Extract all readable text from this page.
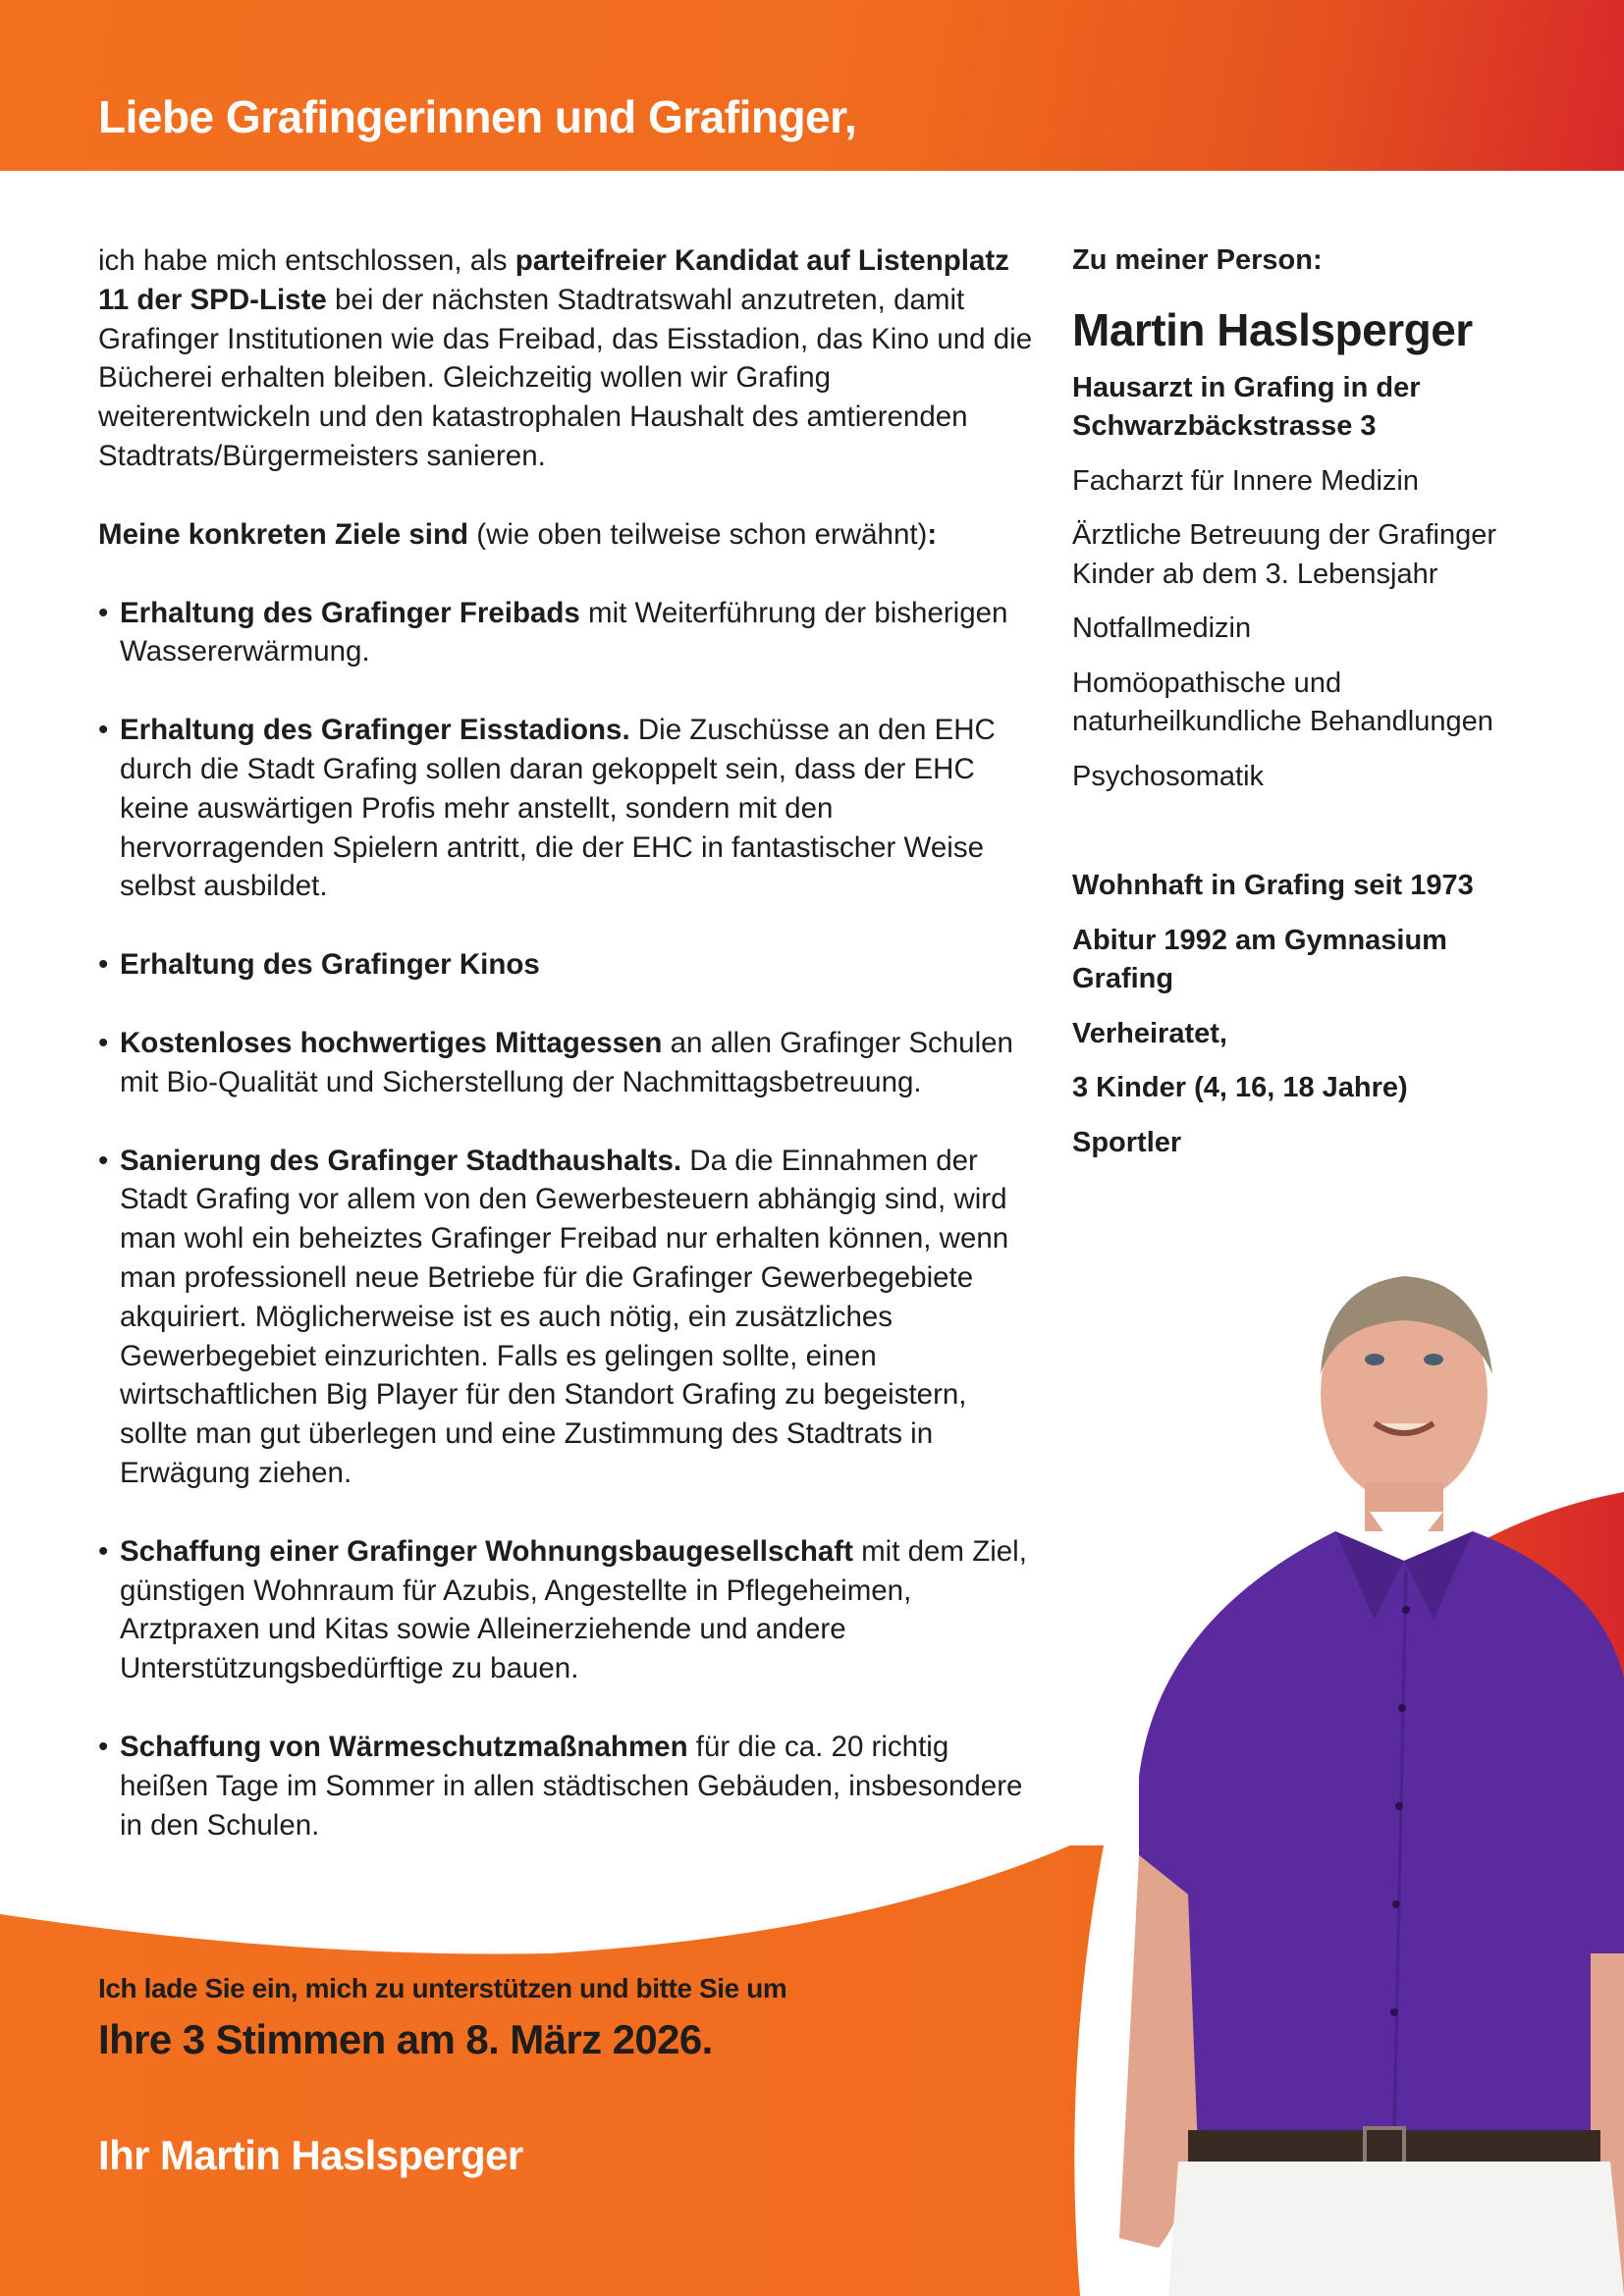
Liebe Grafingerinnen und Grafinger,

ich habe mich entschlossen, als parteifreier Kandidat auf Listenplatz 11 der SPD-Liste bei der nächsten Stadtratswahl anzutreten, damit Grafinger Institutionen wie das Freibad, das Eisstadion, das Kino und die Bücherei erhalten bleiben. Gleichzeitig wollen wir Grafing weiterentwickeln und den katastrophalen Haushalt des amtierenden Stadtrats/Bürgermeisters sanieren.

Meine konkreten Ziele sind (wie oben teilweise schon erwähnt):

• Erhaltung des Grafinger Freibads mit Weiterführung der bisherigen Wassererwärmung.
• Erhaltung des Grafinger Eisstadions. Die Zuschüsse an den EHC durch die Stadt Grafing sollen daran gekoppelt sein, dass der EHC keine auswärtigen Profis mehr anstellt, sondern mit den hervorragenden Spielern antritt, die der EHC in fantastischer Weise selbst ausbildet.
• Erhaltung des Grafinger Kinos
• Kostenloses hochwertiges Mittagessen an allen Grafinger Schulen mit Bio-Qualität und Sicherstellung der Nachmittagsbetreuung.
• Sanierung des Grafinger Stadthaushalts. Da die Einnahmen der Stadt Grafing vor allem von den Gewerbesteuern abhängig sind, wird man wohl ein beheiztes Grafinger Freibad nur erhalten können, wenn man professionell neue Betriebe für die Grafinger Gewerbegebiete akquiriert. Möglicherweise ist es auch nötig, ein zusätzliches Gewerbegebiet einzurichten. Falls es gelingen sollte, einen wirtschaftlichen Big Player für den Standort Grafing zu begeistern, sollte man gut überlegen und eine Zustimmung des Stadtrats in Erwägung ziehen.
• Schaffung einer Grafinger Wohnungsbaugesellschaft mit dem Ziel, günstigen Wohnraum für Azubis, Angestellte in Pflegeheimen, Arztpraxen und Kitas sowie Alleinerziehende und andere Unterstützungsbedürftige zu bauen.
• Schaffung von Wärmeschutzmaßnahmen für die ca. 20 richtig heißen Tage im Sommer in allen städtischen Gebäuden, insbesondere in den Schulen.

Zu meiner Person:

Martin Haslsperger

Hausarzt in Grafing in der Schwarzbäckstrasse 3

Facharzt für Innere Medizin

Ärztliche Betreuung der Grafinger Kinder ab dem 3. Lebensjahr

Notfallmedizin

Homöopathische und naturheilkundliche Behandlungen

Psychosomatik

Wohnhaft in Grafing seit 1973

Abitur 1992 am Gymnasium Grafing

Verheiratet,

3 Kinder (4, 16, 18 Jahre)

Sportler

Ich lade Sie ein, mich zu unterstützen und bitte Sie um
Ihre 3 Stimmen am 8. März 2026.
Ihr Martin Haslsperger
